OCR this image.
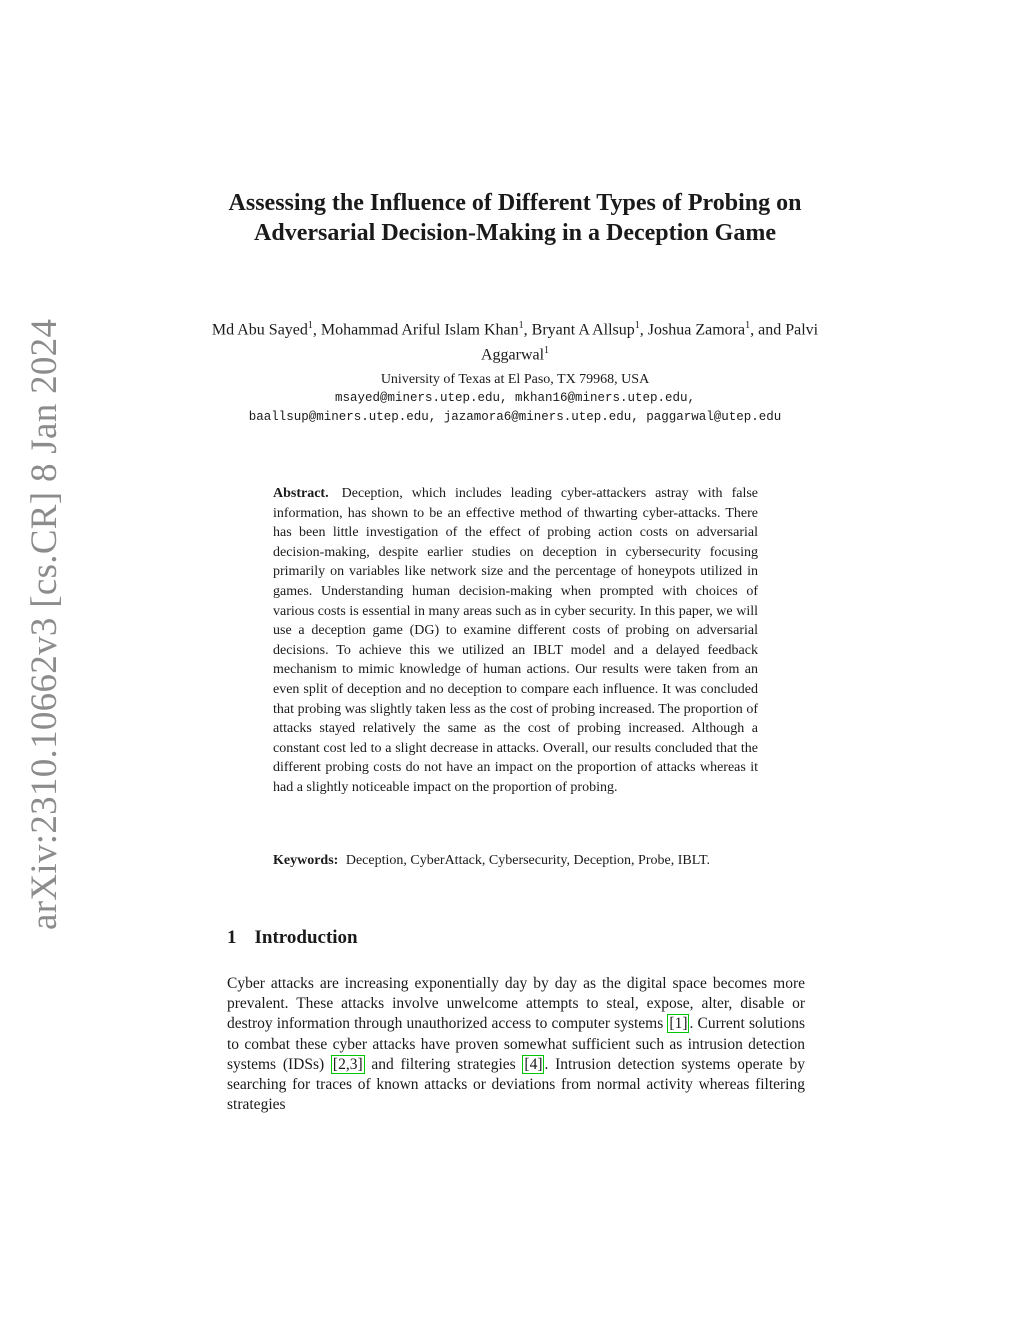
arXiv:2310.10662v3 [cs.CR] 8 Jan 2024
Assessing the Influence of Different Types of Probing on Adversarial Decision-Making in a Deception Game
Md Abu Sayed$^1$, Mohammad Ariful Islam Khan$^1$, Bryant A Allsup$^1$, Joshua Zamora$^1$, and Palvi Aggarwal$^1$
University of Texas at El Paso, TX 79968, USA
msayed@miners.utep.edu, mkhan16@miners.utep.edu,
baallsup@miners.utep.edu, jazamora6@miners.utep.edu, paggarwal@utep.edu
Abstract. Deception, which includes leading cyber-attackers astray with false information, has shown to be an effective method of thwarting cyber-attacks. There has been little investigation of the effect of probing action costs on adversarial decision-making, despite earlier studies on deception in cybersecurity focusing primarily on variables like network size and the percentage of honeypots utilized in games. Understanding human decision-making when prompted with choices of various costs is essential in many areas such as in cyber security. In this paper, we will use a deception game (DG) to examine different costs of probing on adversarial decisions. To achieve this we utilized an IBLT model and a delayed feedback mechanism to mimic knowledge of human actions. Our results were taken from an even split of deception and no deception to compare each influence. It was concluded that probing was slightly taken less as the cost of probing increased. The proportion of attacks stayed relatively the same as the cost of probing increased. Although a constant cost led to a slight decrease in attacks. Overall, our results concluded that the different probing costs do not have an impact on the proportion of attacks whereas it had a slightly noticeable impact on the proportion of probing.
Keywords: Deception, CyberAttack, Cybersecurity, Deception, Probe, IBLT.
1 Introduction
Cyber attacks are increasing exponentially day by day as the digital space becomes more prevalent. These attacks involve unwelcome attempts to steal, expose, alter, disable or destroy information through unauthorized access to computer systems [1] . Current solutions to combat these cyber attacks have proven somewhat sufficient such as intrusion detection systems (IDSs) [2,3] and filtering strategies [4] . Intrusion detection systems operate by searching for traces of known attacks or deviations from normal activity whereas filtering strategies
